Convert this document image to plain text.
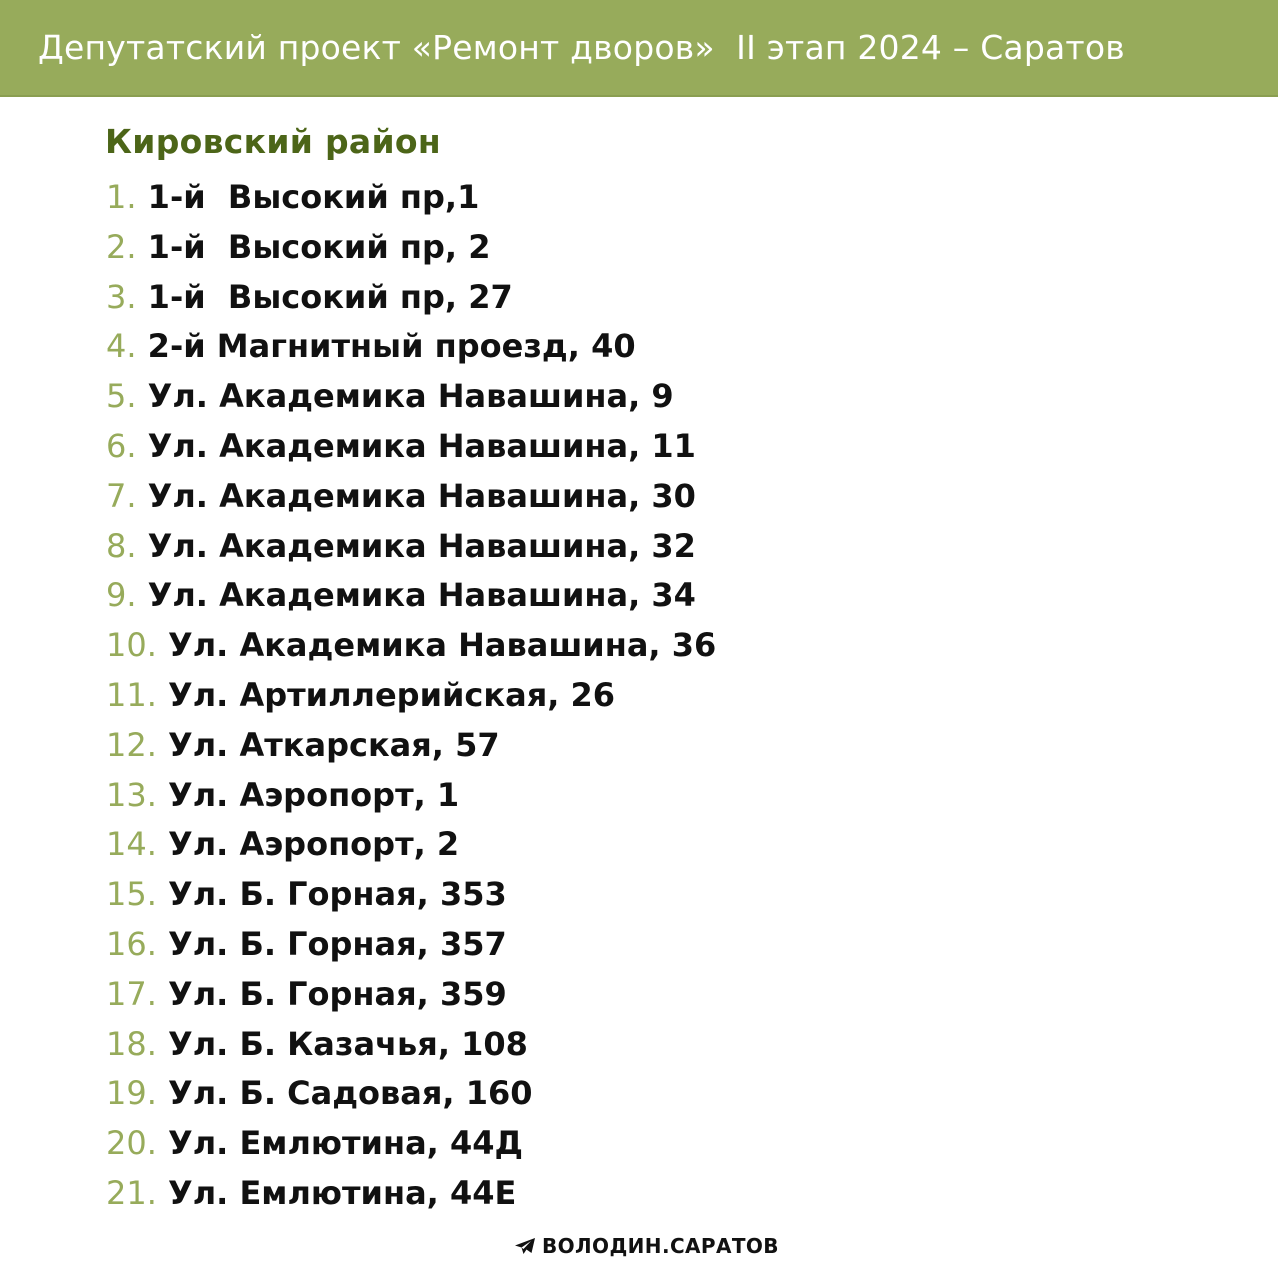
Депутатский проект «Ремонт дворов»  II этап 2024 – Саратов
Кировский район
1. 1-й  Высокий пр,1
2. 1-й  Высокий пр, 2
3. 1-й  Высокий пр, 27
4. 2-й Магнитный проезд, 40
5. Ул. Академика Навашина, 9
6. Ул. Академика Навашина, 11
7. Ул. Академика Навашина, 30
8. Ул. Академика Навашина, 32
9. Ул. Академика Навашина, 34
10. Ул. Академика Навашина, 36
11. Ул. Артиллерийская, 26
12. Ул. Аткарская, 57
13. Ул. Аэропорт, 1
14. Ул. Аэропорт, 2
15. Ул. Б. Горная, 353
16. Ул. Б. Горная, 357
17. Ул. Б. Горная, 359
18. Ул. Б. Казачья, 108
19. Ул. Б. Садовая, 160
20. Ул. Емлютина, 44Д
21. Ул. Емлютина, 44Е
ВОЛОДИН.САРАТОВ
